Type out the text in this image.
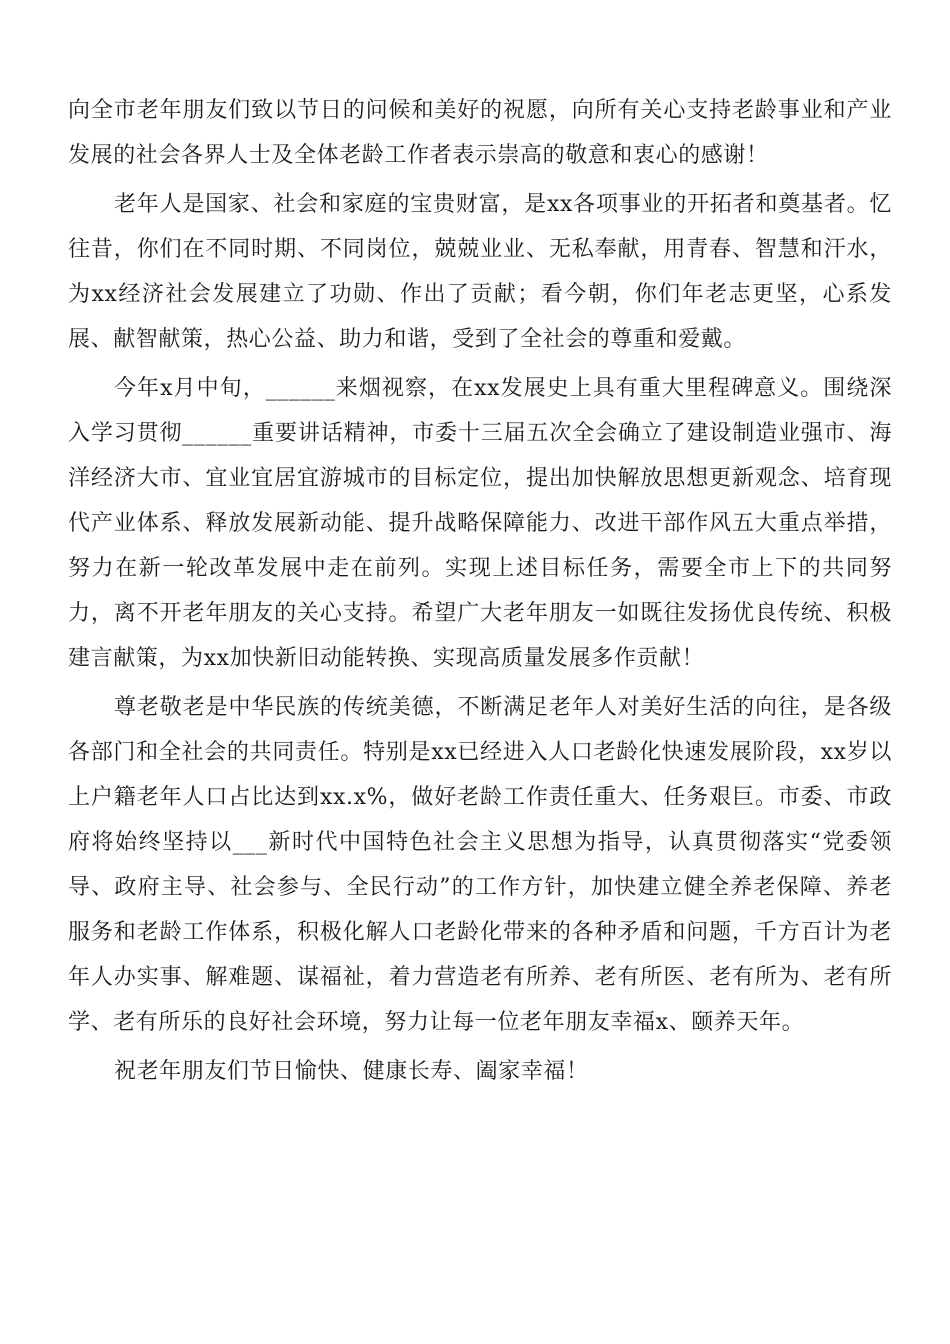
向全市老年朋友们致以节日的问候和美好的祝愿，向所有关心支持老龄事业和产业发展的社会各界人士及全体老龄工作者表示崇高的敬意和衷心的感谢！

老年人是国家、社会和家庭的宝贵财富，是xx各项事业的开拓者和奠基者。忆往昔，你们在不同时期、不同岗位，兢兢业业、无私奉献，用青春、智慧和汗水，为xx经济社会发展建立了功勋、作出了贡献；看今朝，你们年老志更坚，心系发展、献智献策，热心公益、助力和谐，受到了全社会的尊重和爱戴。

今年x月中旬，______来烟视察，在xx发展史上具有重大里程碑意义。围绕深入学习贯彻______重要讲话精神，市委十三届五次全会确立了建设制造业强市、海洋经济大市、宜业宜居宜游城市的目标定位，提出加快解放思想更新观念、培育现代产业体系、释放发展新动能、提升战略保障能力、改进干部作风五大重点举措，努力在新一轮改革发展中走在前列。实现上述目标任务，需要全市上下的共同努力，离不开老年朋友的关心支持。希望广大老年朋友一如既往发扬优良传统、积极建言献策，为xx加快新旧动能转换、实现高质量发展多作贡献！

尊老敬老是中华民族的传统美德，不断满足老年人对美好生活的向往，是各级各部门和全社会的共同责任。特别是xx已经进入人口老龄化快速发展阶段，xx岁以上户籍老年人口占比达到xx.x%，做好老龄工作责任重大、任务艰巨。市委、市政府将始终坚持以___新时代中国特色社会主义思想为指导，认真贯彻落实“党委领导、政府主导、社会参与、全民行动”的工作方针，加快建立健全养老保障、养老服务和老龄工作体系，积极化解人口老龄化带来的各种矛盾和问题，千方百计为老年人办实事、解难题、谋福祉，着力营造老有所养、老有所医、老有所为、老有所学、老有所乐的良好社会环境，努力让每一位老年朋友幸福x、颐养天年。

祝老年朋友们节日愉快、健康长寿、阖家幸福！
